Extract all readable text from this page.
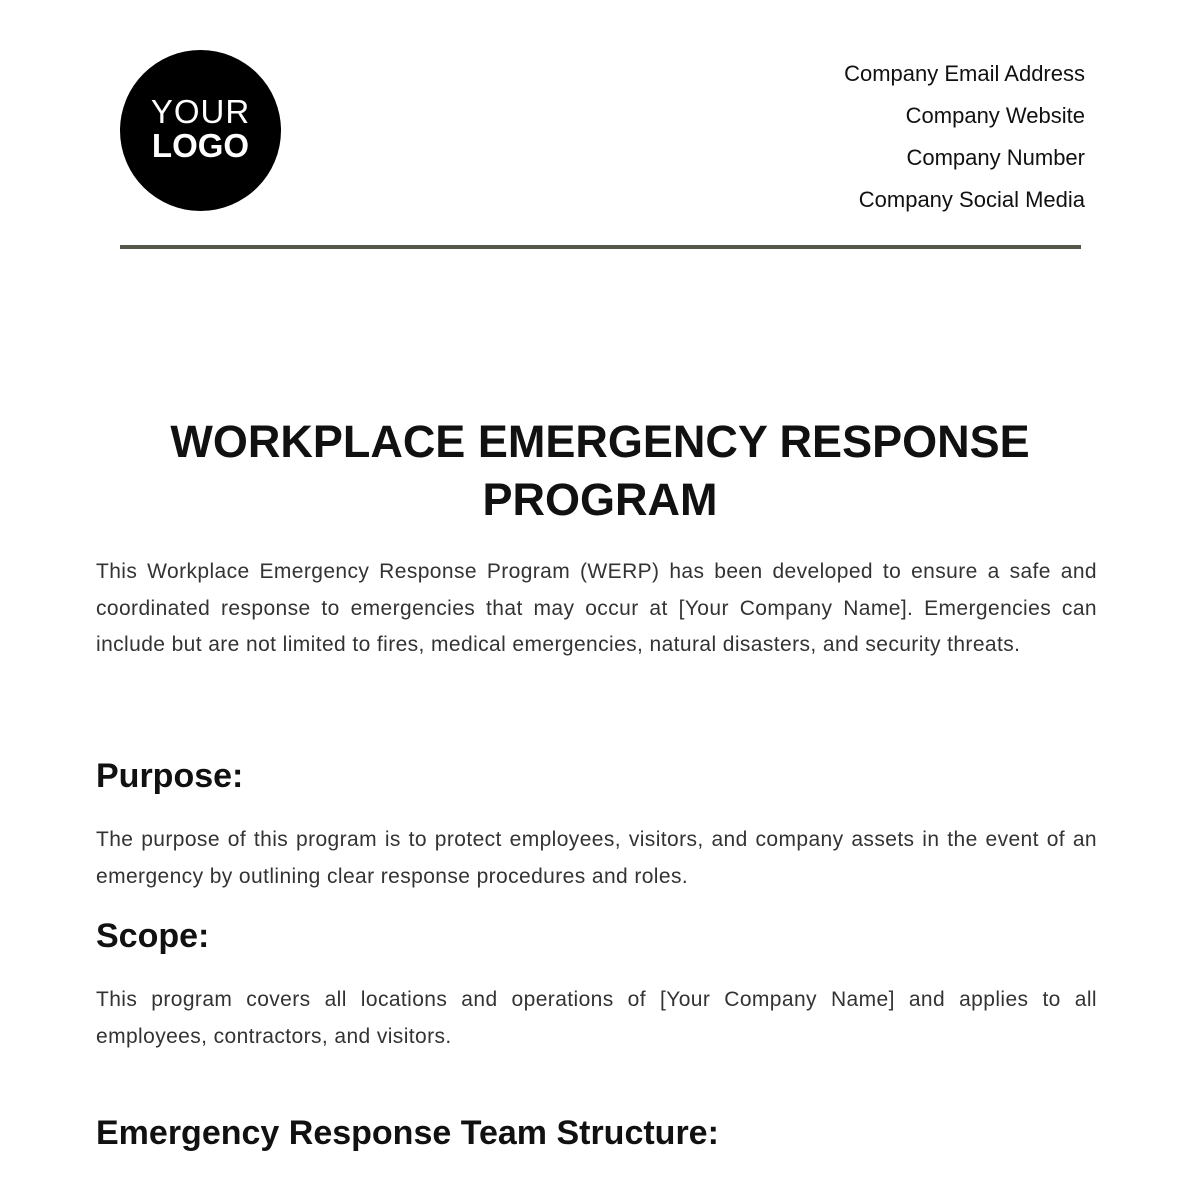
YOUR
LOGO
Company Email Address
Company Website
Company Number
Company Social Media
WORKPLACE EMERGENCY RESPONSE PROGRAM
This Workplace Emergency Response Program (WERP) has been developed to ensure a safe and coordinated response to emergencies that may occur at [Your Company Name]. Emergencies can include but are not limited to fires, medical emergencies, natural disasters, and security threats.
Purpose:
The purpose of this program is to protect employees, visitors, and company assets in the event of an emergency by outlining clear response procedures and roles.
Scope:
This program covers all locations and operations of [Your Company Name] and applies to all employees, contractors, and visitors.
Emergency Response Team Structure:
